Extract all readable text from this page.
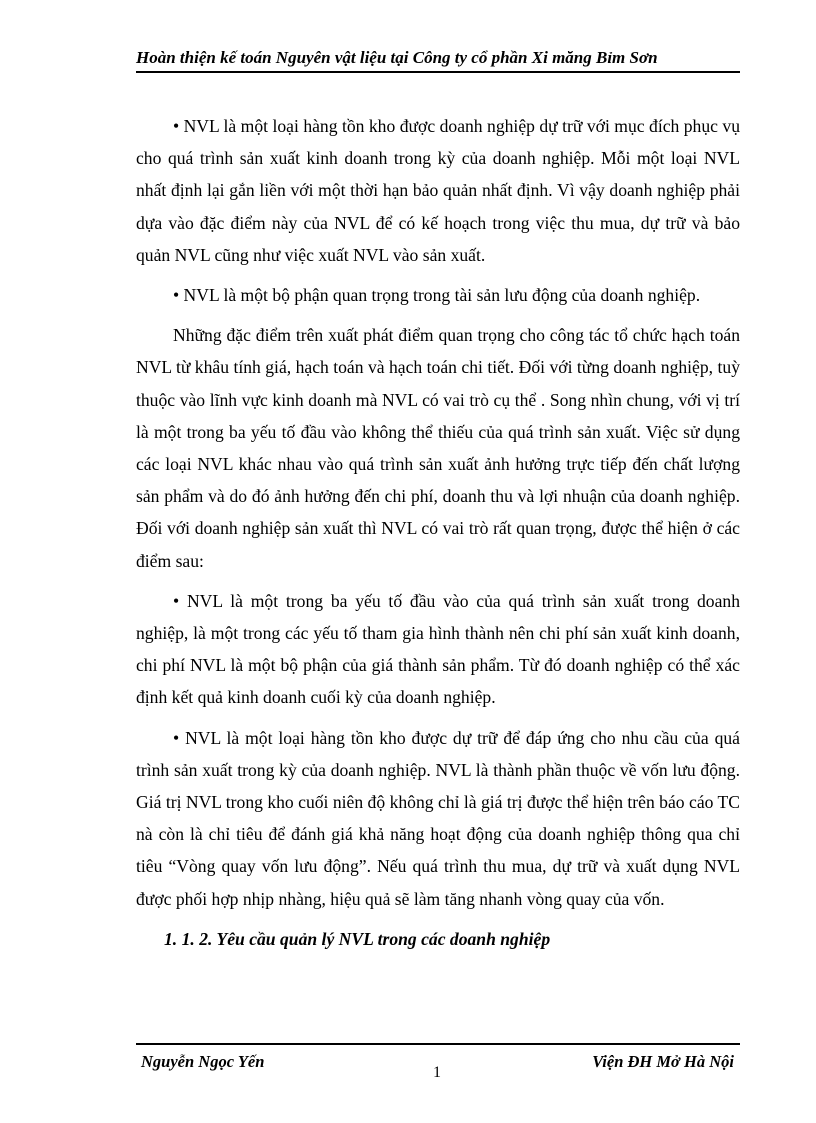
Hoàn thiện kế toán Nguyên vật liệu tại Công ty cổ phần Xi măng Bỉm Sơn

• NVL là một loại hàng tồn kho được doanh nghiệp dự trữ với mục đích phục vụ cho quá trình sản xuất kinh doanh trong kỳ của doanh nghiệp. Mỗi một loại NVL nhất định lại gắn liền với một thời hạn bảo quản nhất định. Vì vậy doanh nghiệp phải dựa vào đặc điểm này của NVL để có kế hoạch trong việc thu mua, dự trữ và bảo quản NVL cũng như việc xuất NVL vào sản xuất.

• NVL là một bộ phận quan trọng trong tài sản lưu động của doanh nghiệp.

Những đặc điểm trên xuất phát điểm quan trọng cho công tác tổ chức hạch toán NVL từ khâu tính giá, hạch toán và hạch toán chi tiết. Đối với từng doanh nghiệp, tuỳ thuộc vào lĩnh vực kinh doanh mà NVL có vai trò cụ thể . Song nhìn chung, với vị trí là một trong ba yếu tố đầu vào không thể thiếu của quá trình sản xuất. Việc sử dụng các loại NVL khác nhau vào quá trình sản xuất ảnh hưởng trực tiếp đến chất lượng sản phẩm và do đó ảnh hưởng đến chi phí, doanh thu và lợi nhuận của doanh nghiệp. Đối với doanh nghiệp sản xuất thì NVL có vai trò rất quan trọng, được thể hiện ở các điểm sau:

• NVL là một trong ba yếu tố đầu vào của quá trình sản xuất trong doanh nghiệp, là một trong các yếu tố tham gia hình thành nên chi phí sản xuất kinh doanh, chi phí NVL là một bộ phận của giá thành sản phẩm. Từ đó doanh nghiệp có thể xác định kết quả kinh doanh cuối kỳ của doanh nghiệp.

• NVL là một loại hàng tồn kho được dự trữ để đáp ứng cho nhu cầu của quá trình sản xuất trong kỳ của doanh nghiệp. NVL là thành phần thuộc về vốn lưu động. Giá trị NVL trong kho cuối niên độ không chỉ là giá trị được thể hiện trên báo cáo TC nà còn là chỉ tiêu để đánh giá khả năng hoạt động của doanh nghiệp thông qua chỉ tiêu “Vòng quay vốn lưu động”. Nếu quá trình thu mua, dự trữ và xuất dụng NVL được phối hợp nhịp nhàng, hiệu quả sẽ làm tăng nhanh vòng quay của vốn.

1. 1. 2. Yêu cầu quản lý NVL trong các doanh nghiệp

Nguyễn Ngọc Yến	Viện ĐH Mở Hà Nội
1
